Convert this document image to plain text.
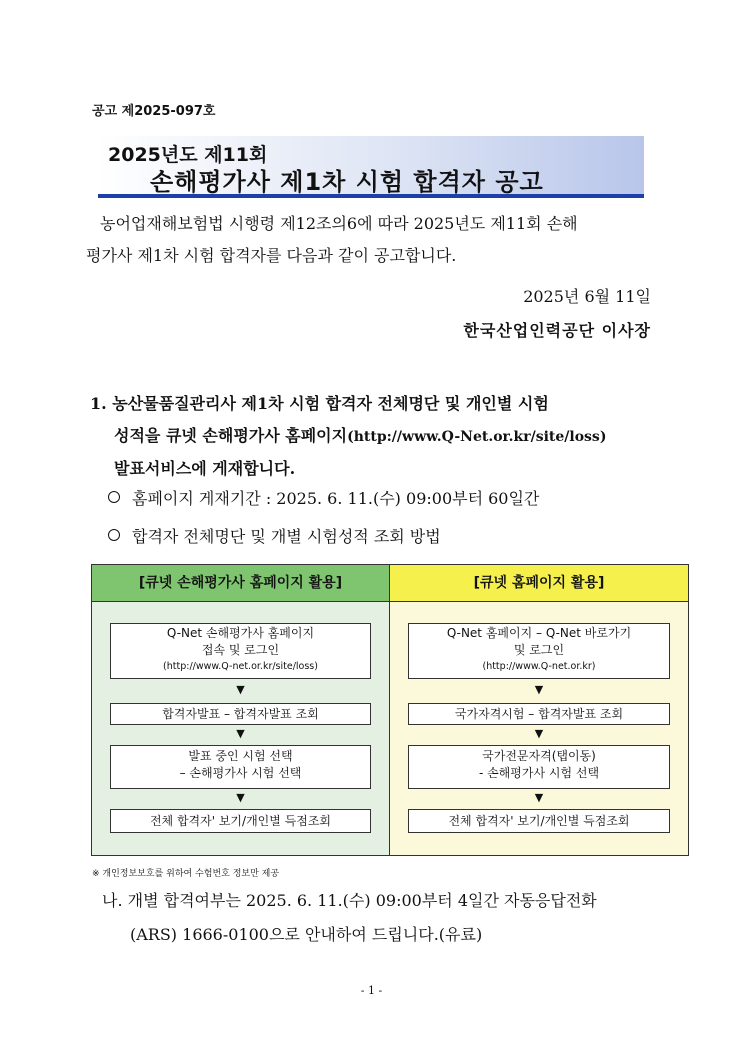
공고 제2025-097호
2025년도 제11회
손해평가사 제1차 시험 합격자 공고
농어업재해보험법 시행령 제12조의6에 따라 2025년도 제11회 손해
평가사 제1차 시험 합격자를 다음과 같이 공고합니다.
2025년 6월 11일
한국산업인력공단 이사장
1. 농산물품질관리사 제1차 시험 합격자 전체명단 및 개인별 시험
성적을 큐넷 손해평가사 홈페이지(http://www.Q-Net.or.kr/site/loss)
발표서비스에 게재합니다.
홈페이지 게재기간 : 2025. 6. 11.(수) 09:00부터 60일간
합격자 전체명단 및 개별 시험성적 조회 방법
[큐넷 손해평가사 홈페이지 활용]
Q-Net 손해평가사 홈페이지
접속 및 로그인
(http://www.Q-net.or.kr/site/loss)
▼
합격자발표 – 합격자발표 조회
▼
발표 중인 시험 선택
– 손해평가사 시험 선택
▼
전체 합격자' 보기/개인별 득점조회
[큐넷 홈페이지 활용]
Q-Net 홈페이지 – Q-Net 바로가기
및 로그인
(http://www.Q-net.or.kr)
▼
국가자격시험 – 합격자발표 조회
▼
국가전문자격(탭이동)
- 손해평가사 시험 선택
▼
전체 합격자' 보기/개인별 득점조회
※ 개인정보보호를 위하여 수험번호 정보만 제공
나. 개별 합격여부는 2025. 6. 11.(수) 09:00부터 4일간 자동응답전화
(ARS) 1666-0100으로 안내하여 드립니다.(유료)
- 1 -
